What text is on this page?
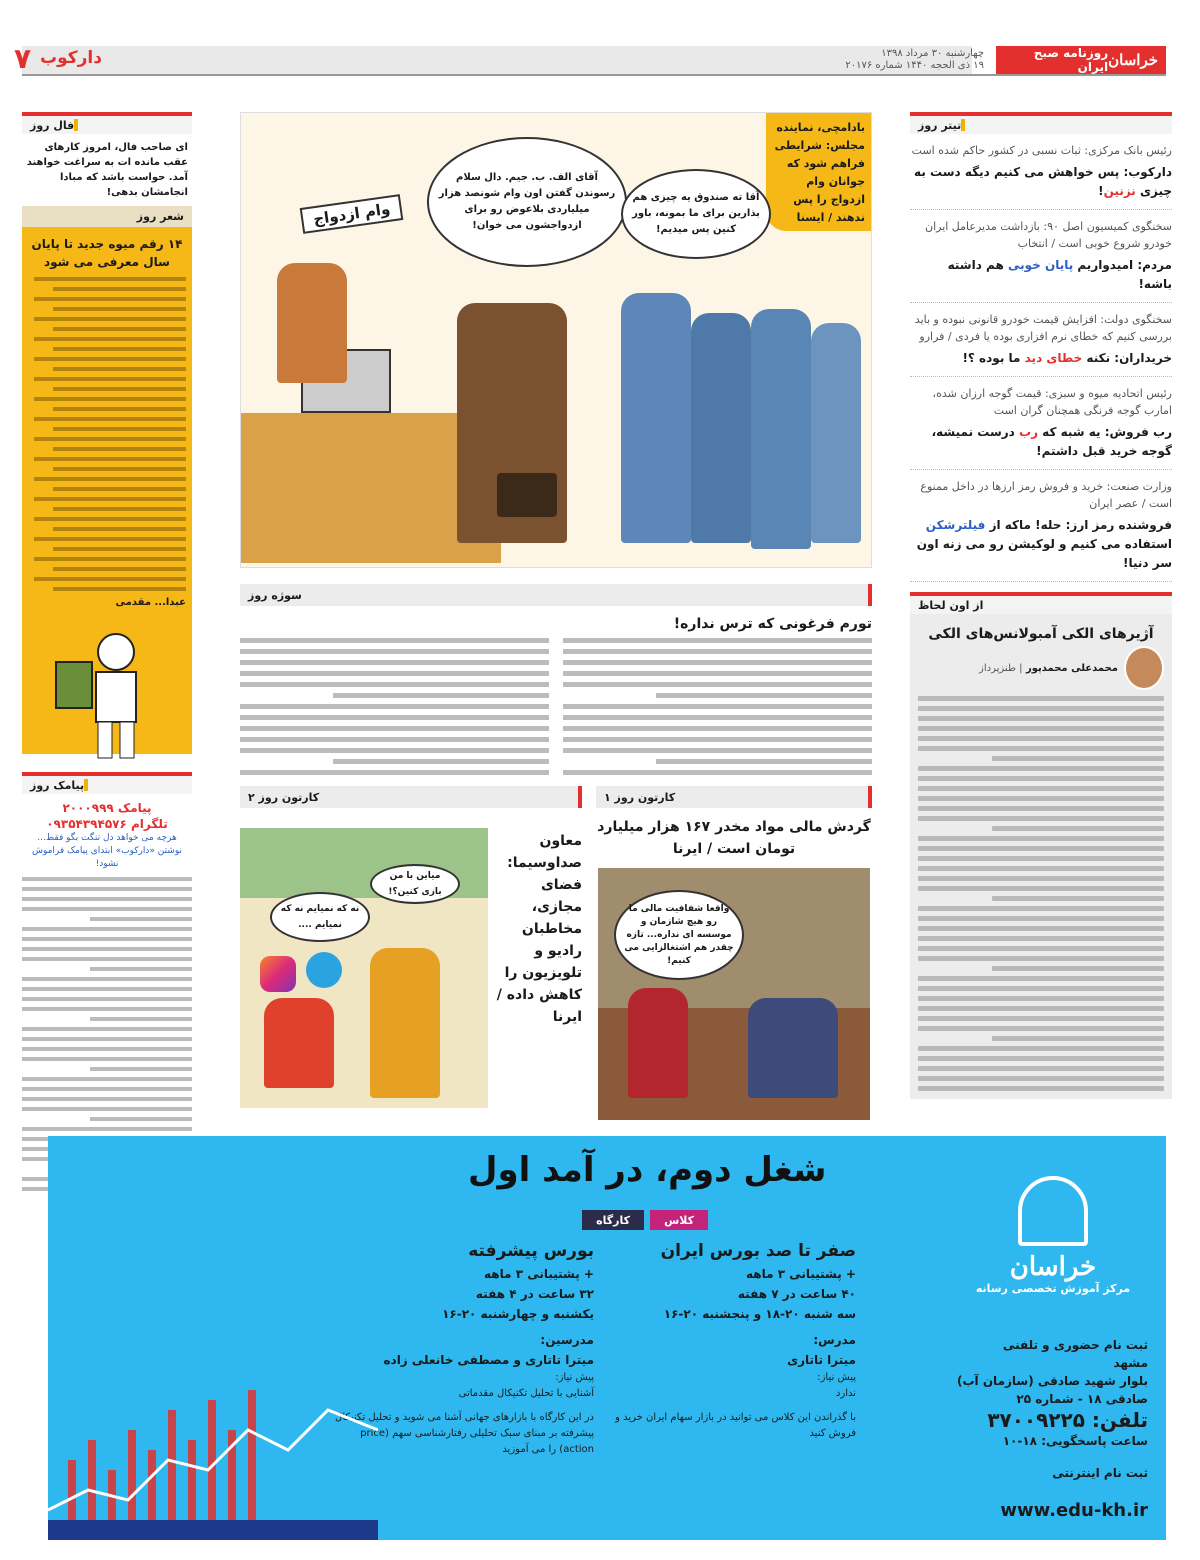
دارکوب
۷	چهارشنبه ۳۰ مرداد ۱۳۹۸
۱۹ ذی الحجه ۱۴۴۰ شماره ۲۰۱۷۶	خراسان
روزنامه صبح ایران
تیتر روز
رئیس بانک مرکزی: ثبات نسبی در کشور حاکم شده است
دارکوب: پس خواهش می کنیم دیگه دست به چیزی نزنین!
سخنگوی کمیسیون اصل ۹۰: بازداشت مدیرعامل ایران خودرو شروع خوبی است / انتخاب
مردم: امیدواریم پایان خوبی هم داشته باشه!
سخنگوی دولت: افزایش قیمت خودرو قانونی نبوده و باید بررسی کنیم که خطای نرم افزاری بوده یا فردی / فرارو
خریداران: نکنه خطای دید ما بوده ؟!
رئیس اتحادیه میوه و سبزی: قیمت گوجه ارزان شده، امارب گوجه فرنگی همچنان گران است
رب فروش: یه شبه که رب درست نمیشه، گوجه خرید قبل داشتم!
وزارت صنعت: خرید و فروش رمز ارزها در داخل ممنوع است / عصر ایران
فروشنده رمز ارز: حله! ماکه از فیلترشکن استفاده می کنیم و لوکیشن رو می زنه اون سر دنیا!
از اون لحاظ
آژیرهای الکی آمبولانس‌های الکی
محمدعلی محمدپور | طنزپرداز
فال روز
ای صاحب فال، امروز کارهای عقب مانده ات به سراغت خواهند آمد. حواست باشد که مبادا انجامشان بدهی!
شعر روز
۱۴ رقم میوه جدید تا پایان سال معرفی می شود
عبدا... مقدمی
پیامک روز
پیامک ۲۰۰۰۹۹۹
تلگرام ۰۹۳۵۴۳۹۴۵۷۶
هرچه می خواهد دل تنگت بگو فقط...
نوشتن «دارکوب» ابتدای پیامک فراموش نشود!
بادامچی، نماینده مجلس: شرایطی فراهم شود که جوانان وام ازدواج را پس ندهند / ایسنا
وام ازدواج
آقای الف. ب. جیم. دال سلام رسوندن گفتن اون وام شونصد هزار میلیاردی بلاعوض رو برای ازدواجشون می خوان!
آقا ته صندوق یه چیزی هم بذارین برای ما بمونه، باور کنین پس میدیم!
سوژه روز
تورم فرغونی که ترس نداره!
کارتون روز ۱
گردش مالی مواد مخدر ۱۶۷ هزار میلیارد تومان است / ایرنا
واقعا شفافیت مالی ما رو هیچ شازمان و موسسه ای نداره... تازه چقدر هم اشتغالزایی می کنیم!
کارتون روز ۲
معاون صداوسیما: فضای مجازی، مخاطبان رادیو و تلویزیون را کاهش داده / ایرنا
میاین با من بازی کنین؟!
نه که نمیایم نه که نمیایم ....
شغل دوم، در آمد اول
کلاس
کارگاه
صفر تا صد بورس ایران
+ پشتیبانی ۳ ماهه
۴۰ ساعت در ۷ هفته
سه شنبه ۲۰-۱۸ و پنجشنبه ۲۰-۱۶
مدرس:
میترا تاتاری
پیش نیاز:
ندارد
با گذراندن این کلاس می توانید در بازار سهام ایران خرید و فروش کنید
بورس پیشرفته
+ پشتیبانی ۳ ماهه
۳۲ ساعت در ۴ هفته
یکشنبه و چهارشنبه ۲۰-۱۶
مدرسین:
میترا تاتاری و مصطفی خانعلی زاده
پیش نیاز:
آشنایی با تحلیل تکنیکال مقدماتی
در این کارگاه با بازارهای جهانی آشنا می شوید و تحلیل تکنیکال پیشرفته بر مبنای سبک تحلیلی رفتارشناسی سهم (price action) را می آموزید
خراسان
مرکز آموزش تخصصی رسانه
ثبت نام حضوری و تلفنی
مشهد
بلوار شهید صادقی (سازمان آب)
صادقی ۱۸ - شماره ۲۵
تلفن: ۳۷۰۰۹۲۲۵
ساعت پاسخگویی: ۱۸-۱۰
ثبت نام اینترنتی
www.edu-kh.ir
